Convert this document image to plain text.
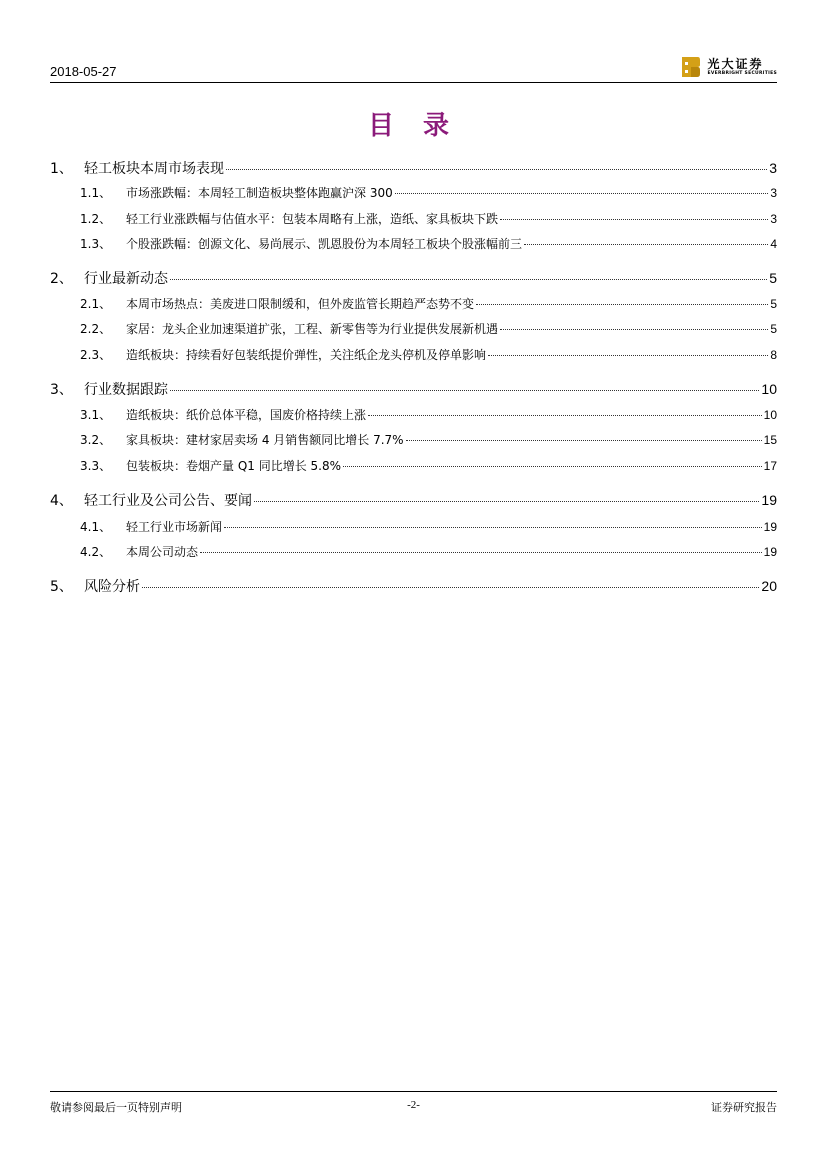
2018-05-27
光大证券
EVERBRIGHT SECURITIES
目 录
1、 轻工板块本周市场表现	3
1.1、	市场涨跌幅：本周轻工制造板块整体跑赢沪深 300	3
1.2、	轻工行业涨跌幅与估值水平：包装本周略有上涨，造纸、家具板块下跌	3
1.3、	个股涨跌幅：创源文化、易尚展示、凯恩股份为本周轻工板块个股涨幅前三	4
2、 行业最新动态	5
2.1、	本周市场热点：美废进口限制缓和，但外废监管长期趋严态势不变	5
2.2、	家居：龙头企业加速渠道扩张，工程、新零售等为行业提供发展新机遇	5
2.3、	造纸板块：持续看好包装纸提价弹性，关注纸企龙头停机及停单影响	8
3、 行业数据跟踪	10
3.1、	造纸板块：纸价总体平稳，国废价格持续上涨	10
3.2、	家具板块：建材家居卖场 4 月销售额同比增长 7.7%	15
3.3、	包装板块：卷烟产量 Q1 同比增长 5.8%	17
4、 轻工行业及公司公告、要闻	19
4.1、	轻工行业市场新闻	19
4.2、	本周公司动态	19
5、 风险分析	20
敬请参阅最后一页特别声明	-2-	证券研究报告
